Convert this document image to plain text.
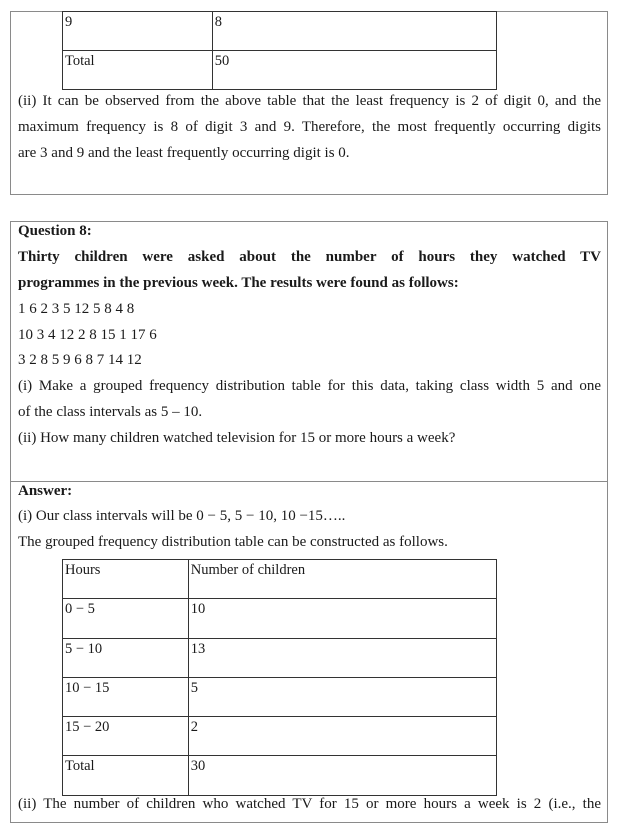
9	8
Total	50
(ii) It can be observed from the above table that the least frequency is 2 of digit 0, and the
maximum frequency is 8 of digit 3 and 9. Therefore, the most frequently occurring digits
are 3 and 9 and the least frequently occurring digit is 0.
Question 8:
Thirty children were asked about the number of hours they watched TV
programmes in the previous week. The results were found as follows:
1 6 2 3 5 12 5 8 4 8
10 3 4 12 2 8 15 1 17 6
3 2 8 5 9 6 8 7 14 12
(i) Make a grouped frequency distribution table for this data, taking class width 5 and one
of the class intervals as 5 – 10.
(ii) How many children watched television for 15 or more hours a week?
Answer:
(i) Our class intervals will be 0 − 5, 5 − 10, 10 −15…..
The grouped frequency distribution table can be constructed as follows.
Hours	Number of children
0 − 5	10
5 − 10	13
10 − 15	5
15 − 20	2
Total	30
(ii) The number of children who watched TV for 15 or more hours a week is 2 (i.e., the
